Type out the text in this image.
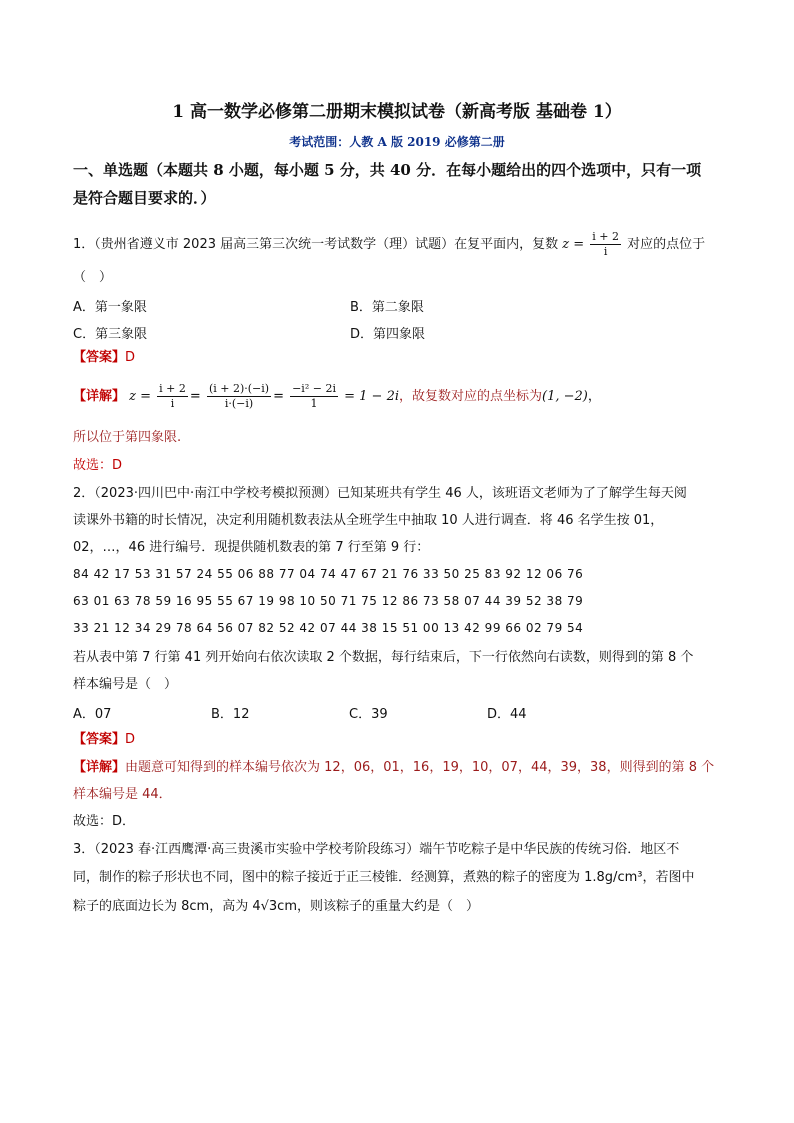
1 高一数学必修第二册期末模拟试卷（新高考版 基础卷 1）
考试范围：人教 A 版 2019 必修第二册
一、单选题（本题共 8 小题，每小题 5 分，共 40 分．在每小题给出的四个选项中，只有一项
是符合题目要求的．）
1．（贵州省遵义市 2023 届高三第三次统一考试数学（理）试题）在复平面内，复数 $z = \frac{i + 2}{i}$ 对应的点位于
（　）
A．第一象限	B．第二象限
C．第三象限	D．第四象限
【答案】D
【详解】 $z = \frac{i + 2}{i} = \frac{(i + 2)\cdot(-i)}{i\cdot(-i)} = \frac{\text{−i² − 2i}}{1} = 1 - 2i$，故复数对应的点坐标为(1, −2)，
所以位于第四象限.
故选：D
2．（2023·四川巴中·南江中学校考模拟预测）已知某班共有学生 46 人，该班语文老师为了了解学生每天阅
读课外书籍的时长情况，决定利用随机数表法从全班学生中抽取 10 人进行调查．将 46 名学生按 01，
02，…，46 进行编号．现提供随机数表的第 7 行至第 9 行：
84 42 17 53 31 57 24 55 06 88 77 04 74 47 67 21 76 33 50 25 83 92 12 06 76
63 01 63 78 59 16 95 55 67 19 98 10 50 71 75 12 86 73 58 07 44 39 52 38 79
33 21 12 34 29 78 64 56 07 82 52 42 07 44 38 15 51 00 13 42 99 66 02 79 54
若从表中第 7 行第 41 列开始向右依次读取 2 个数据，每行结束后，下一行依然向右读数，则得到的第 8 个
样本编号是（　）
A．07	B．12	C．39	D．44
【答案】D
【详解】由题意可知得到的样本编号依次为 12，06，01，16，19，10，07，44，39，38，则得到的第 8 个
样本编号是 44．
故选：D．
3．（2023 春·江西鹰潭·高三贵溪市实验中学校考阶段练习）端午节吃粽子是中华民族的传统习俗．地区不
同，制作的粽子形状也不同，图中的粽子接近于正三棱锥．经测算，煮熟的粽子的密度为 1.8g/cm³，若图中
粽子的底面边长为 8cm，高为 4√3cm，则该粽子的重量大约是（　）
